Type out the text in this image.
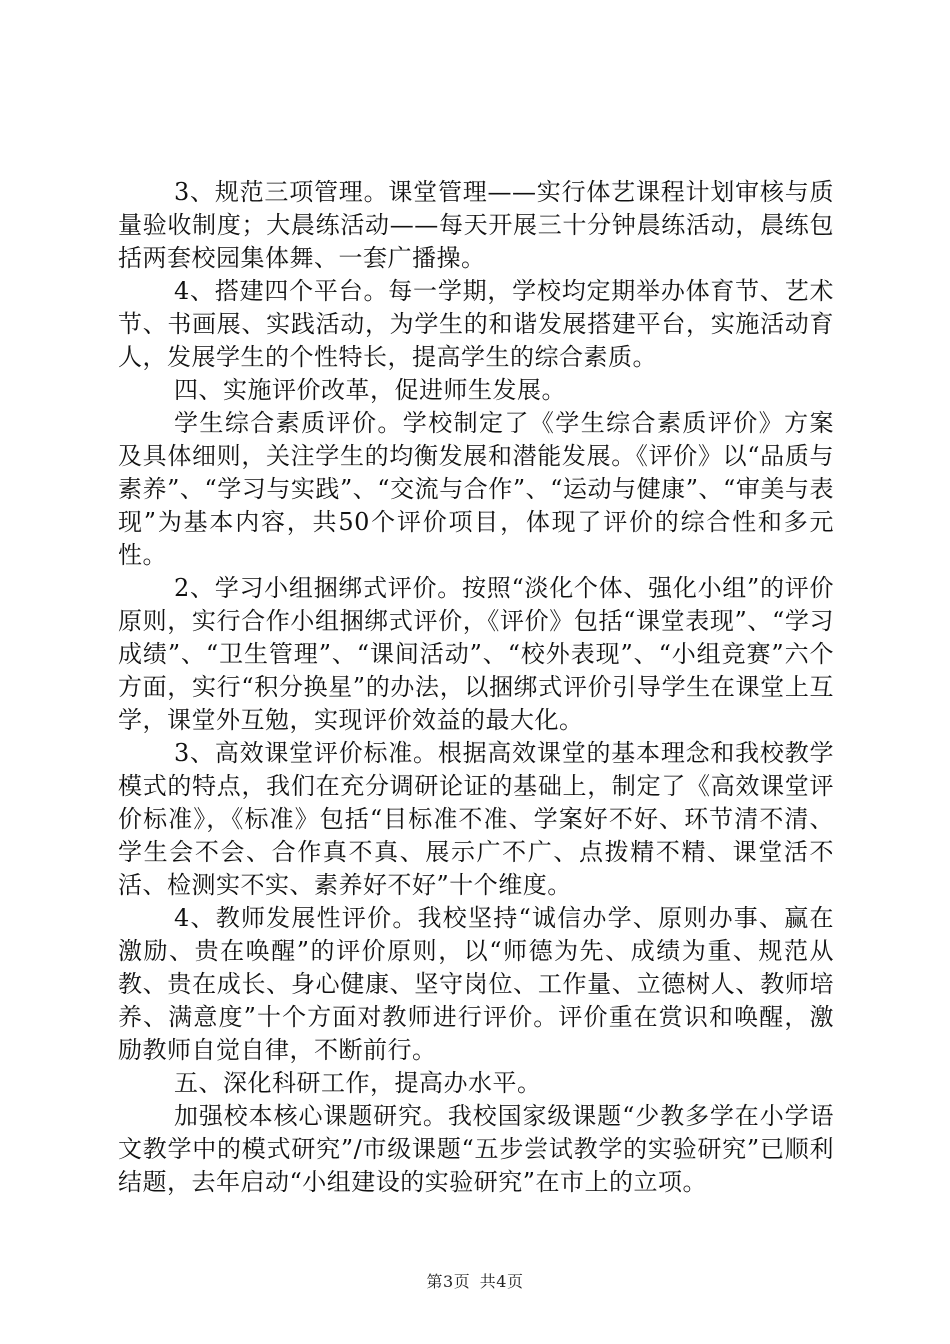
3、规范三项管理。课堂管理——实行体艺课程计划审核与质量验收制度；大晨练活动——每天开展三十分钟晨练活动，晨练包括两套校园集体舞、一套广播操。

4、搭建四个平台。每一学期，学校均定期举办体育节、艺术节、书画展、实践活动，为学生的和谐发展搭建平台，实施活动育人，发展学生的个性特长，提高学生的综合素质。

四、实施评价改革，促进师生发展。

学生综合素质评价。学校制定了《学生综合素质评价》方案及具体细则，关注学生的均衡发展和潜能发展。《评价》以“品质与素养”、“学习与实践”、“交流与合作”、“运动与健康”、“审美与表现”为基本内容，共50个评价项目，体现了评价的综合性和多元性。

2、学习小组捆绑式评价。按照“淡化个体、强化小组”的评价原则，实行合作小组捆绑式评价，《评价》包括“课堂表现”、“学习成绩”、“卫生管理”、“课间活动”、“校外表现”、“小组竞赛”六个方面，实行“积分换星”的办法，以捆绑式评价引导学生在课堂上互学，课堂外互勉，实现评价效益的最大化。

3、高效课堂评价标准。根据高效课堂的基本理念和我校教学模式的特点，我们在充分调研论证的基础上，制定了《高效课堂评价标准》，《标准》包括“目标准不准、学案好不好、环节清不清、学生会不会、合作真不真、展示广不广、点拨精不精、课堂活不活、检测实不实、素养好不好”十个维度。

4、教师发展性评价。我校坚持“诚信办学、原则办事、赢在激励、贵在唤醒”的评价原则，以“师德为先、成绩为重、规范从教、贵在成长、身心健康、坚守岗位、工作量、立德树人、教师培养、满意度”十个方面对教师进行评价。评价重在赏识和唤醒，激励教师自觉自律，不断前行。

五、深化科研工作，提高办水平。

加强校本核心课题研究。我校国家级课题“少教多学在小学语文教学中的模式研究”/市级课题“五步尝试教学的实验研究”已顺利结题，去年启动“小组建设的实验研究”在市上的立项。

第3页 共4页
